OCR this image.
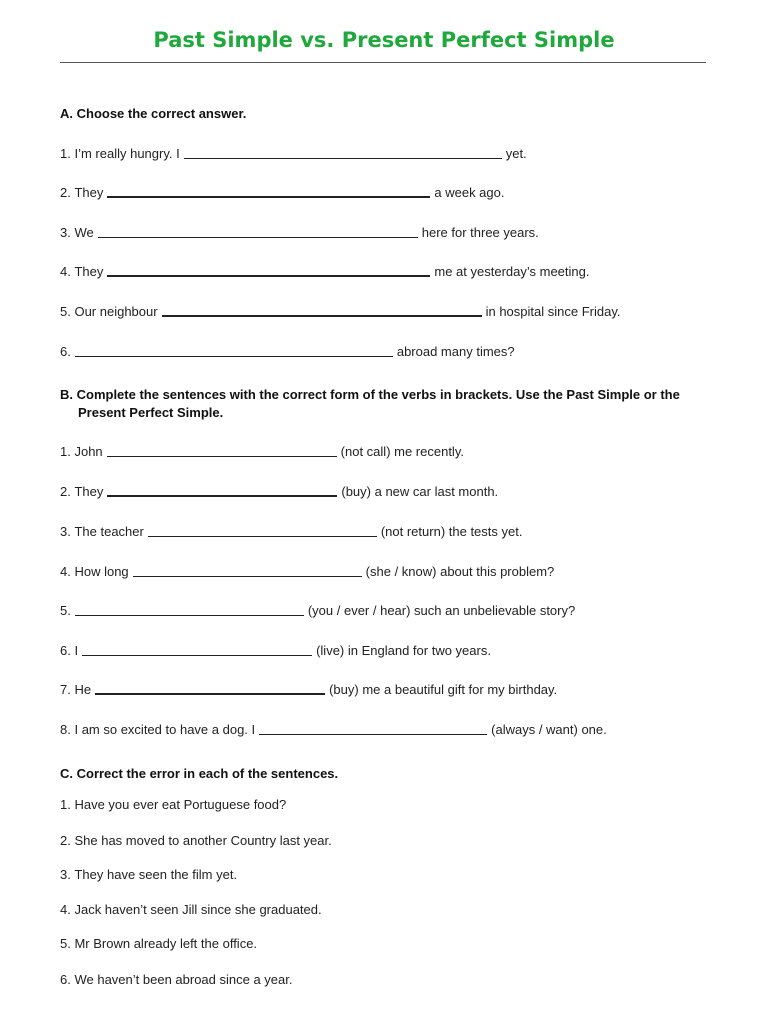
Past Simple vs. Present Perfect Simple
A. Choose the correct answer.
1.
I’m really hungry. I	yet.
2.
They	a week ago.
3.
We	here for three years.
4.
They	me at yesterday’s meeting.
5.
Our neighbour	in hospital since Friday.
6.	abroad many times?
B. Complete the sentences with the correct form of the verbs in brackets. Use the Past Simple or the
Present Perfect Simple.
1.
John	(not call) me recently.
2.
They	(buy) a new car last month.
3.
The teacher	(not return) the tests yet.
4.
How long	(she / know) about this problem?
5.	(you / ever / hear) such an unbelievable story?
6.
I	(live) in England for two years.
7.
He	(buy) me a beautiful gift for my birthday.
8.
I am so excited to have a dog. I	(always / want) one.
C. Correct the error in each of the sentences.
1.
Have you ever eat Portuguese food?
2.
She has moved to another Country last year.
3.
They have seen the film yet.
4.
Jack haven’t seen Jill since she graduated.
5.
Mr Brown already left the office.
6.
We haven’t been abroad since a year.
